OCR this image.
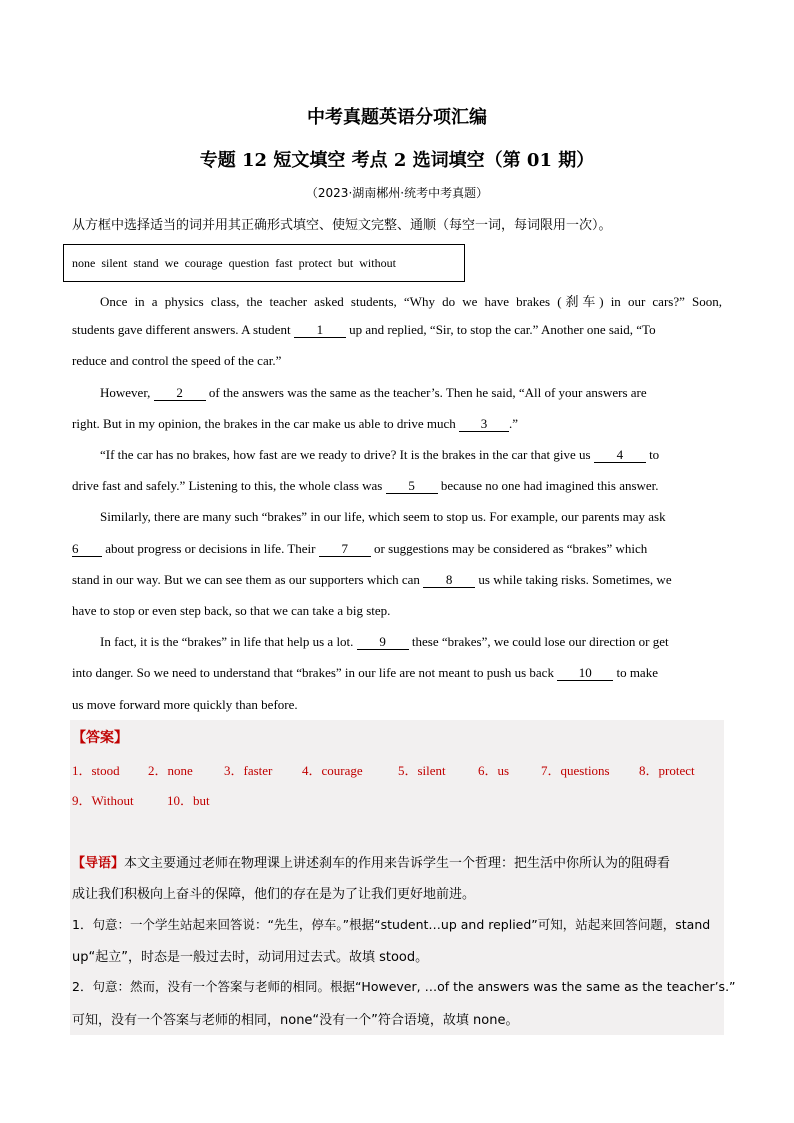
中考真题英语分项汇编
专题 12 短文填空 考点 2 选词填空（第 01 期）
（2023·湖南郴州·统考中考真题）
从方框中选择适当的词并用其正确形式填空、使短文完整、通顺（每空一词，每词限用一次）。
none silent stand we courage question fast protect but without
Once in a physics class, the teacher asked students, “Why do we have brakes (刹车) in our cars?” Soon,
students gave different answers. A student 1 up and replied, “Sir, to stop the car.” Another one said, “To
reduce and control the speed of the car.”
However, 2 of the answers was the same as the teacher’s. Then he said, “All of your answers are
right. But in my opinion, the brakes in the car make us able to drive much 3 .”
“If the car has no brakes, how fast are we ready to drive? It is the brakes in the car that give us 4 to
drive fast and safely.” Listening to this, the whole class was 5 because no one had imagined this answer.
Similarly, there are many such “brakes” in our life, which seem to stop us. For example, our parents may ask
6 about progress or decisions in life. Their 7 or suggestions may be considered as “brakes” which
stand in our way. But we can see them as our supporters which can 8 us while taking risks. Sometimes, we
have to stop or even step back, so that we can take a big step.
In fact, it is the “brakes” in life that help us a lot. 9 these “brakes”, we could lose our direction or get
into danger. So we need to understand that “brakes” in our life are not meant to push us back 10 to make
us move forward more quickly than before.
【答案】
1．stood 2．none 3．faster 4．courage	5．silent 6．us 7．questions 8．protect
9．Without	10．but
【导语】本文主要通过老师在物理课上讲述刹车的作用来告诉学生一个哲理：把生活中你所认为的阻碍看
成让我们积极向上奋斗的保障，他们的存在是为了让我们更好地前进。
1．句意：一个学生站起来回答说：“先生，停车。”根据“student…up and replied”可知，站起来回答问题，stand
up“起立”，时态是一般过去时，动词用过去式。故填 stood。
2．句意：然而，没有一个答案与老师的相同。根据“However, …of the answers was the same as the teacher’s.”
可知，没有一个答案与老师的相同，none“没有一个”符合语境，故填 none。
